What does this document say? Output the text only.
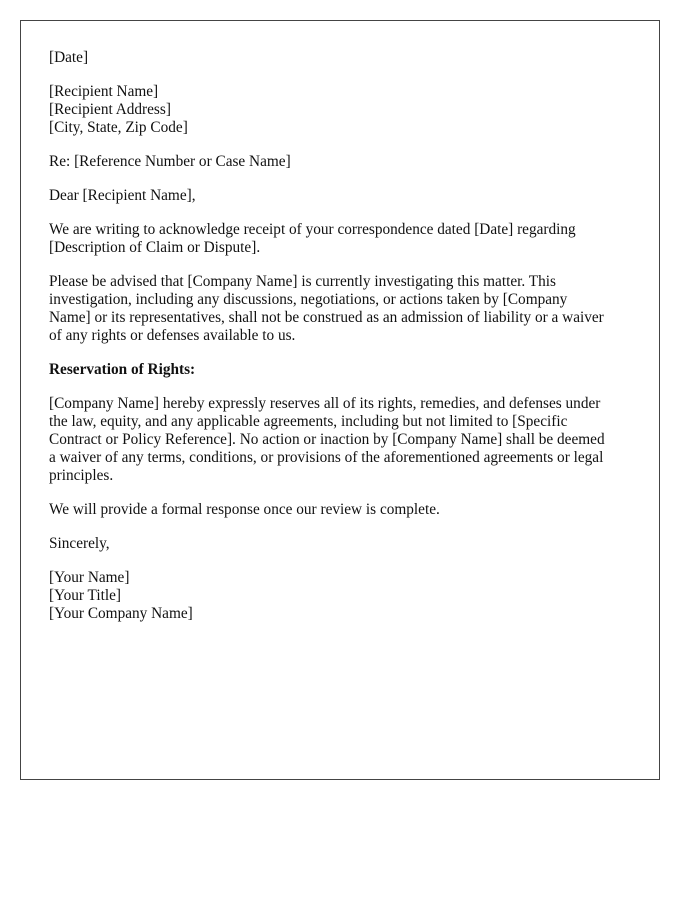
[Date]

[Recipient Name]
[Recipient Address]
[City, State, Zip Code]

Re: [Reference Number or Case Name]

Dear [Recipient Name],

We are writing to acknowledge receipt of your correspondence dated [Date] regarding
[Description of Claim or Dispute].

Please be advised that [Company Name] is currently investigating this matter. This
investigation, including any discussions, negotiations, or actions taken by [Company
Name] or its representatives, shall not be construed as an admission of liability or a waiver
of any rights or defenses available to us.

Reservation of Rights:

[Company Name] hereby expressly reserves all of its rights, remedies, and defenses under
the law, equity, and any applicable agreements, including but not limited to [Specific
Contract or Policy Reference]. No action or inaction by [Company Name] shall be deemed
a waiver of any terms, conditions, or provisions of the aforementioned agreements or legal
principles.

We will provide a formal response once our review is complete.

Sincerely,

[Your Name]
[Your Title]
[Your Company Name]
